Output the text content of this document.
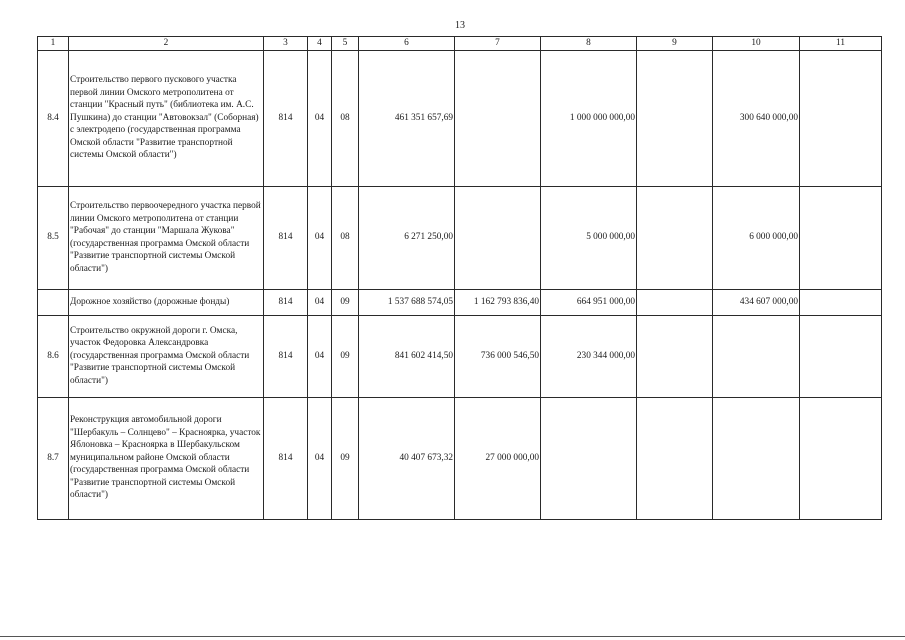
13
1	2	3	4	5	6	7	8	9	10	11
8.4	Строительство первого пускового участка первой линии Омского метрополитена от станции "Красный путь" (библиотека им. А.С. Пушкина) до станции "Автовокзал" (Соборная) с электродепо (государственная программа Омской области "Развитие транспортной системы Омской области")	814	04	08	461 351 657,69		1 000 000 000,00		300 640 000,00	
8.5	Строительство первоочередного участка первой линии Омского метрополитена от станции "Рабочая" до станции "Маршала Жукова" (государственная программа Омской области "Развитие транспортной системы Омской области")	814	04	08	6 271 250,00		5 000 000,00		6 000 000,00	
	Дорожное хозяйство (дорожные фонды)	814	04	09	1 537 688 574,05	1 162 793 836,40	664 951 000,00		434 607 000,00	
8.6	Строительство окружной дороги г. Омска, участок Федоровка Александровка (государственная программа Омской области "Развитие транспортной системы Омской области")	814	04	09	841 602 414,50	736 000 546,50	230 344 000,00			
8.7	Реконструкция автомобильной дороги "Шербакуль – Солнцево" – Красноярка, участок Яблоновка – Красноярка в Шербакульском муниципальном районе Омской области (государственная программа Омской области "Развитие транспортной системы Омской области")	814	04	09	40 407 673,32	27 000 000,00				
